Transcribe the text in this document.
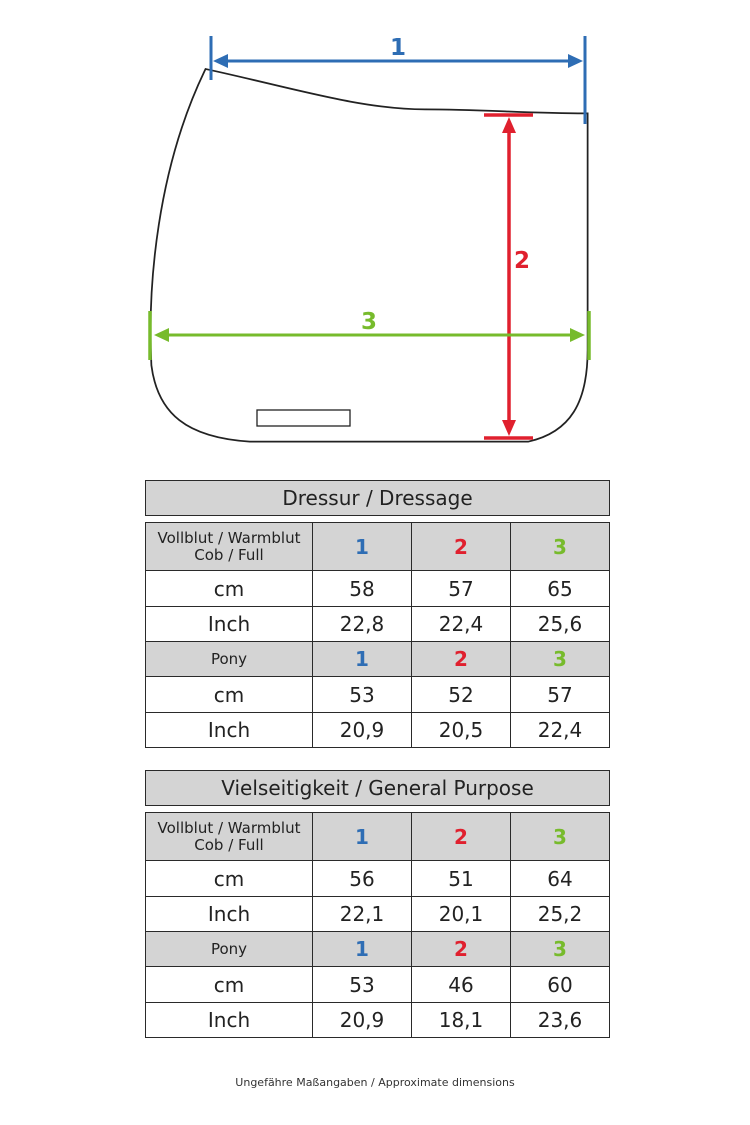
1
2
3
Dressur / Dressage			

Vollblut / Warmblut
Cob / Full	1	2	3
cm	58	57	65
Inch	22,8	22,4	25,6
Pony	1	2	3
cm	53	52	57
Inch	20,9	20,5	22,4
Vielseitigkeit / General Purpose			

Vollblut / Warmblut
Cob / Full	1	2	3
cm	56	51	64
Inch	22,1	20,1	25,2
Pony	1	2	3
cm	53	46	60
Inch	20,9	18,1	23,6
Ungefähre Maßangaben / Approximate dimensions
